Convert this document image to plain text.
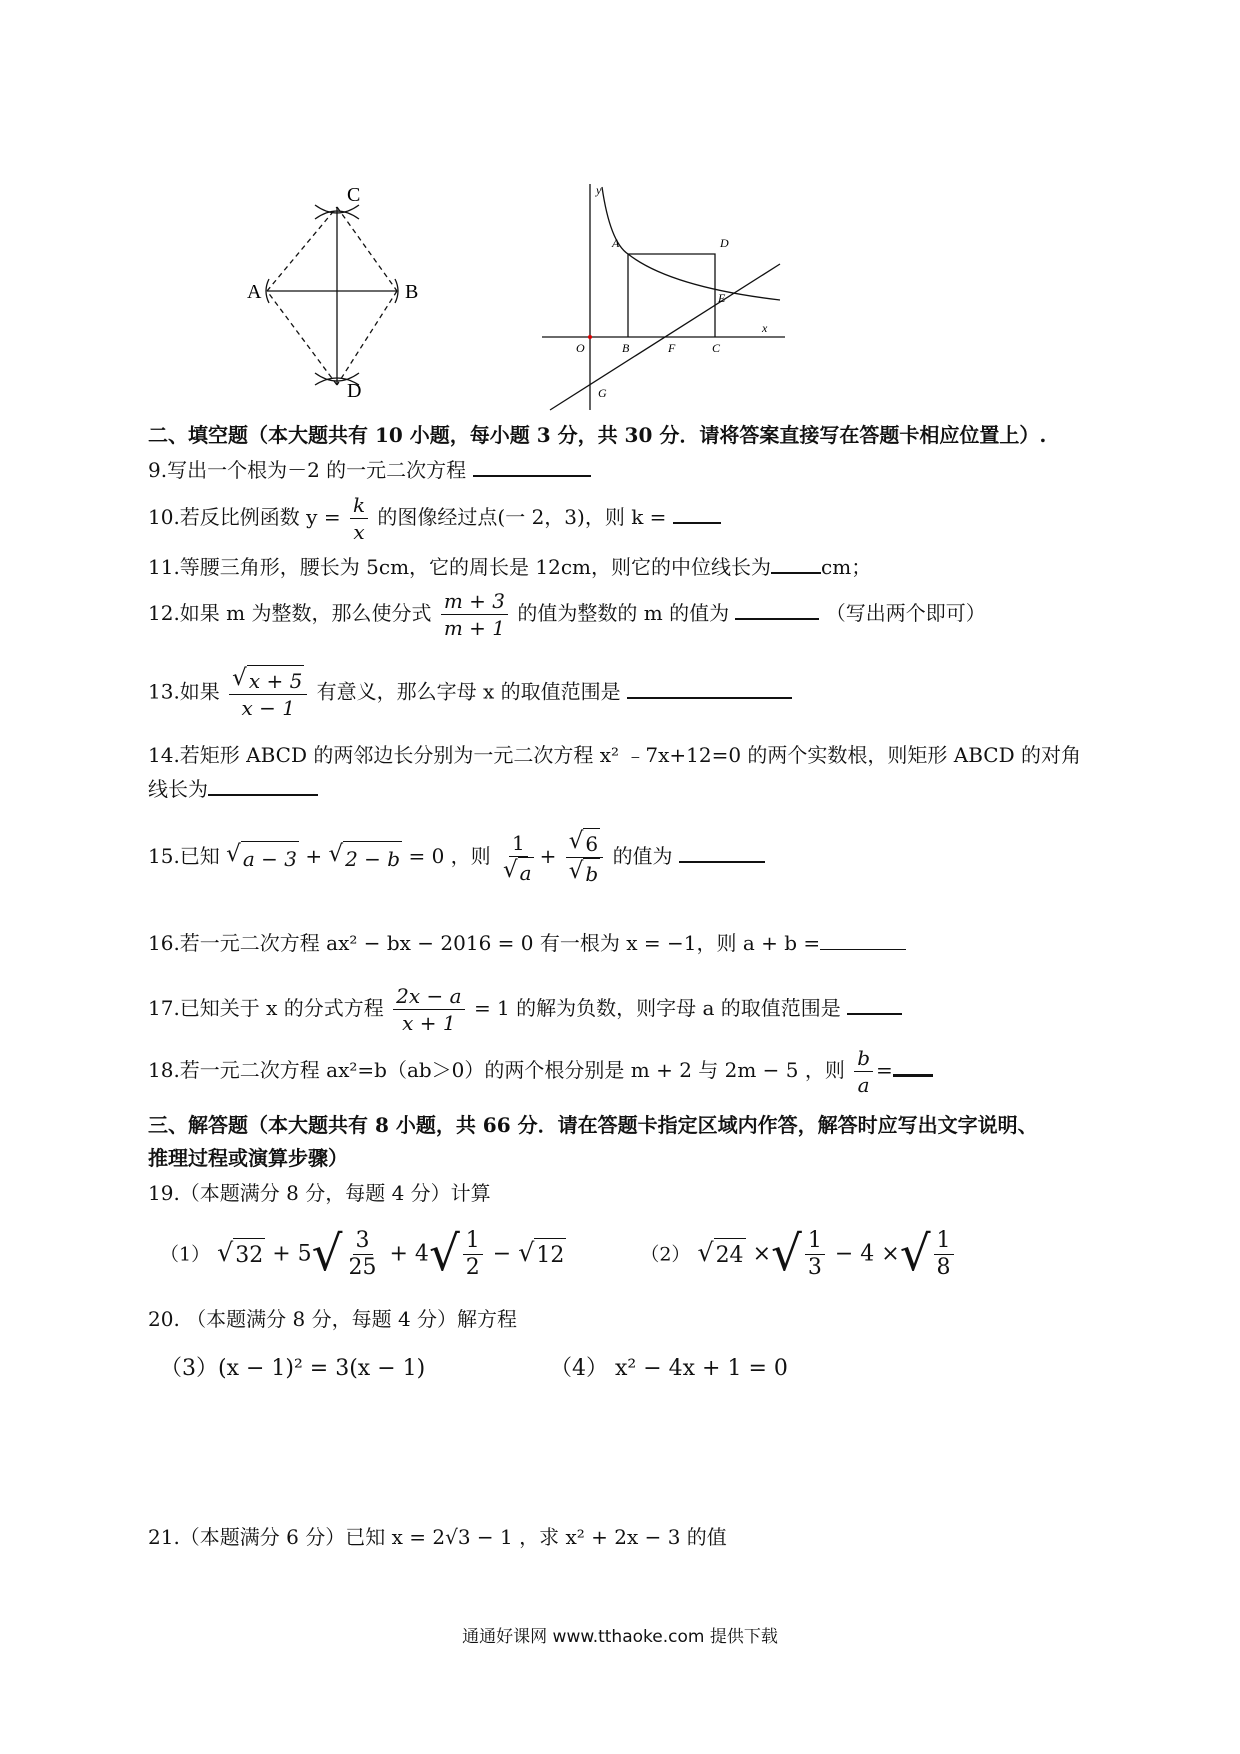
C
A	B
D
y
x
O
A	D
E
B	F	C
G
二、填空题（本大题共有 10 小题，每小题 3 分，共 30 分．请将答案直接写在答题卡相应位置上）.
9.写出一个根为－2 的一元二次方程
10.若反比例函数 $y = \frac{k}{x}$ 的图像经过点(一 2，3)，则 k =
11.等腰三角形，腰长为 5cm，它的周长是 12cm，则它的中位线长为	cm；
12.如果 m 为整数，那么使分式 $\frac{m + 3}{m + 1}$ 的值为整数的 m 的值为	（写出两个即可）
13.如果 $\frac{√ x + 5}{x - 1}$ 有意义，那么字母 x 的取值范围是
14.若矩形 ABCD 的两邻边长分别为一元二次方程 x² ﹣7x+12=0 的两个实数根，则矩形 ABCD 的对角
线长为
15.已知 √ a − 3 + √ 2 − b = 0 ，则 $\frac{1}{√ a} + \frac{√ 6}{√ b}$ 的值为
16.若一元二次方程 ax² − bx − 2016 = 0 有一根为 x = −1，则 a + b =
17.已知关于 x 的分式方程 $\frac{2x - a}{x + 1} = 1$ 的解为负数，则字母 a 的取值范围是
18.若一元二次方程 ax²=b（ab＞0）的两个根分别是 m + 2 与 2m − 5 ，则 $\frac{b}{a}$ =
三、解答题（本大题共有 8 小题，共 66 分．请在答题卡指定区域内作答，解答时应写出文字说明、
推理过程或演算步骤）
19.（本题满分 8 分，每题 4 分）计算
（1） √ 32 + 5 √ $\frac{3}{25} + 4$ √ $\frac{1}{2}$ − √ 12	（2） √ 24 × √ $\frac{1}{3} - 4$ × √ $\frac{1}{8}$
20. （本题满分 8 分，每题 4 分）解方程
（3）(x − 1)² = 3(x − 1)	（4） x² − 4x + 1 = 0
21.（本题满分 6 分）已知 x = 2√3 − 1 ，求 x² + 2x − 3 的值
通通好课网 www.tthaoke.com 提供下载
